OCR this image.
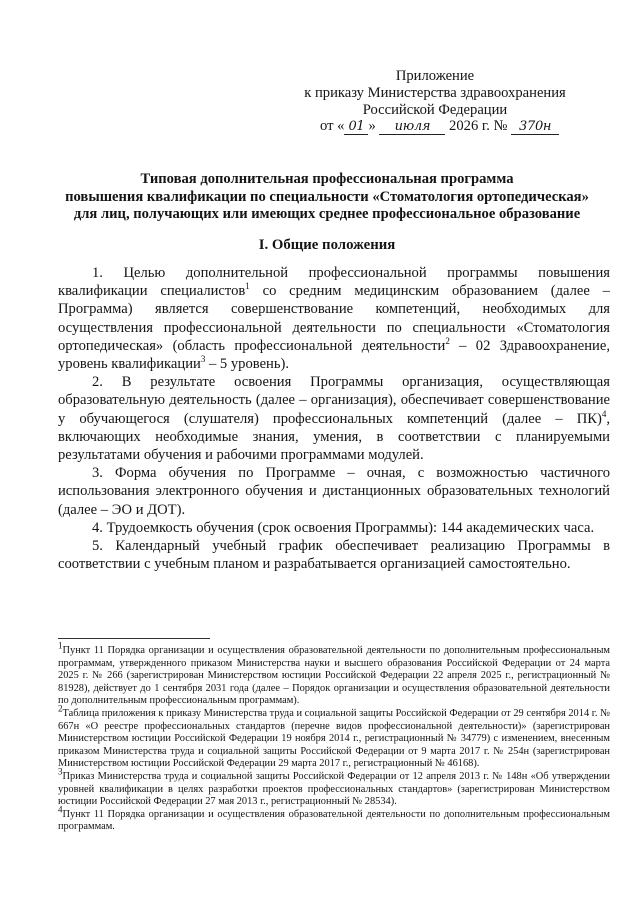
Приложение
к приказу Министерства здравоохранения
Российской Федерации
от « 01 » июля 2026 г. № 370н
Типовая дополнительная профессиональная программа
повышения квалификации по специальности «Стоматология ортопедическая»
для лиц, получающих или имеющих среднее профессиональное образование
I. Общие положения

1. Целью дополнительной профессиональной программы повышения квалификации специалистов$^1$ со средним медицинским образованием (далее – Программа) является совершенствование компетенций, необходимых для осуществления профессиональной деятельности по специальности «Стоматология ортопедическая» (область профессиональной деятельности$^2$ – 02 Здравоохранение, уровень квалификации$^3$ – 5 уровень).

2. В результате освоения Программы организация, осуществляющая образовательную деятельность (далее – организация), обеспечивает совершенствование у обучающегося (слушателя) профессиональных компетенций (далее – ПК)$^4$, включающих необходимые знания, умения, в соответствии с планируемыми результатами обучения и рабочими программами модулей.

3. Форма обучения по Программе – очная, с возможностью частичного использования электронного обучения и дистанционных образовательных технологий (далее – ЭО и ДОТ).

4. Трудоемкость обучения (срок освоения Программы): 144 академических часа.

5. Календарный учебный график обеспечивает реализацию Программы в соответствии с учебным планом и разрабатывается организацией самостоятельно.

$^1$Пункт 11 Порядка организации и осуществления образовательной деятельности по дополнительным профессиональным программам, утвержденного приказом Министерства науки и высшего образования Российской Федерации от 24 марта 2025 г. № 266 (зарегистрирован Министерством юстиции Российской Федерации 22 апреля 2025 г., регистрационный № 81928), действует до 1 сентября 2031 года (далее – Порядок организации и осуществления образовательной деятельности по дополнительным профессиональным программам).

$^2$Таблица приложения к приказу Министерства труда и социальной защиты Российской Федерации от 29 сентября 2014 г. № 667н «О реестре профессиональных стандартов (перечне видов профессиональной деятельности)» (зарегистрирован Министерством юстиции Российской Федерации 19 ноября 2014 г., регистрационный № 34779) с изменением, внесенным приказом Министерства труда и социальной защиты Российской Федерации от 9 марта 2017 г. № 254н (зарегистрирован Министерством юстиции Российской Федерации 29 марта 2017 г., регистрационный № 46168).

$^3$Приказ Министерства труда и социальной защиты Российской Федерации от 12 апреля 2013 г. № 148н «Об утверждении уровней квалификации в целях разработки проектов профессиональных стандартов» (зарегистрирован Министерством юстиции Российской Федерации 27 мая 2013 г., регистрационный № 28534).

$^4$Пункт 11 Порядка организации и осуществления образовательной деятельности по дополнительным профессиональным программам.
